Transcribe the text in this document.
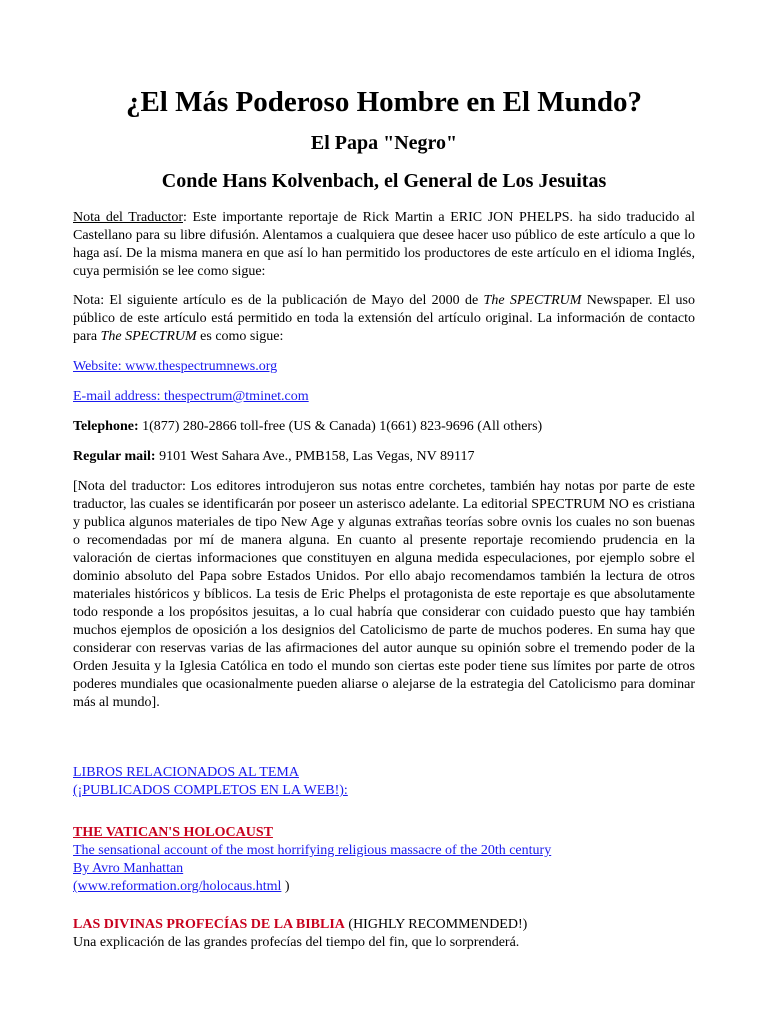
¿El Más Poderoso Hombre en El Mundo?
El Papa "Negro"
Conde Hans Kolvenbach, el General de Los Jesuitas

Nota del Traductor: Este importante reportaje de Rick Martin a ERIC JON PHELPS. ha sido traducido al Castellano para su libre difusión. Alentamos a cualquiera que desee hacer uso público de este artículo a que lo haga así. De la misma manera en que así lo han permitido los productores de este artículo en el idioma Inglés, cuya permisión se lee como sigue:

Nota: El siguiente artículo es de la publicación de Mayo del 2000 de The SPECTRUM Newspaper. El uso público de este artículo está permitido en toda la extensión del artículo original. La información de contacto para The SPECTRUM es como sigue:

Website: www.thespectrumnews.org

E-mail address: thespectrum@tminet.com

Telephone: 1(877) 280-2866 toll-free (US & Canada) 1(661) 823-9696 (All others)

Regular mail: 9101 West Sahara Ave., PMB158, Las Vegas, NV 89117

[Nota del traductor: Los editores introdujeron sus notas entre corchetes, también hay notas por parte de este traductor, las cuales se identificarán por poseer un asterisco adelante. La editorial SPECTRUM NO es cristiana y publica algunos materiales de tipo New Age y algunas extrañas teorías sobre ovnis los cuales no son buenas o recomendadas por mí de manera alguna. En cuanto al presente reportaje recomiendo prudencia en la valoración de ciertas informaciones que constituyen en alguna medida especulaciones, por ejemplo sobre el dominio absoluto del Papa sobre Estados Unidos. Por ello abajo recomendamos también la lectura de otros materiales históricos y bíblicos. La tesis de Eric Phelps el protagonista de este reportaje es que absolutamente todo responde a los propósitos jesuitas, a lo cual habría que considerar con cuidado puesto que hay también muchos ejemplos de oposición a los designios del Catolicismo de parte de muchos poderes. En suma hay que considerar con reservas varias de las afirmaciones del autor aunque su opinión sobre el tremendo poder de la Orden Jesuita y la Iglesia Católica en todo el mundo son ciertas este poder tiene sus límites por parte de otros poderes mundiales que ocasionalmente pueden aliarse o alejarse de la estrategia del Catolicismo para dominar más al mundo].

LIBROS RELACIONADOS AL TEMA
(¡PUBLICADOS COMPLETOS EN LA WEB!):
THE VATICAN'S HOLOCAUST
The sensational account of the most horrifying religious massacre of the 20th century
By Avro Manhattan
(www.reformation.org/holocaus.html )
LAS DIVINAS PROFECÍAS DE LA BIBLIA (HIGHLY RECOMMENDED!)
Una explicación de las grandes profecías del tiempo del fin, que lo sorprenderá.
